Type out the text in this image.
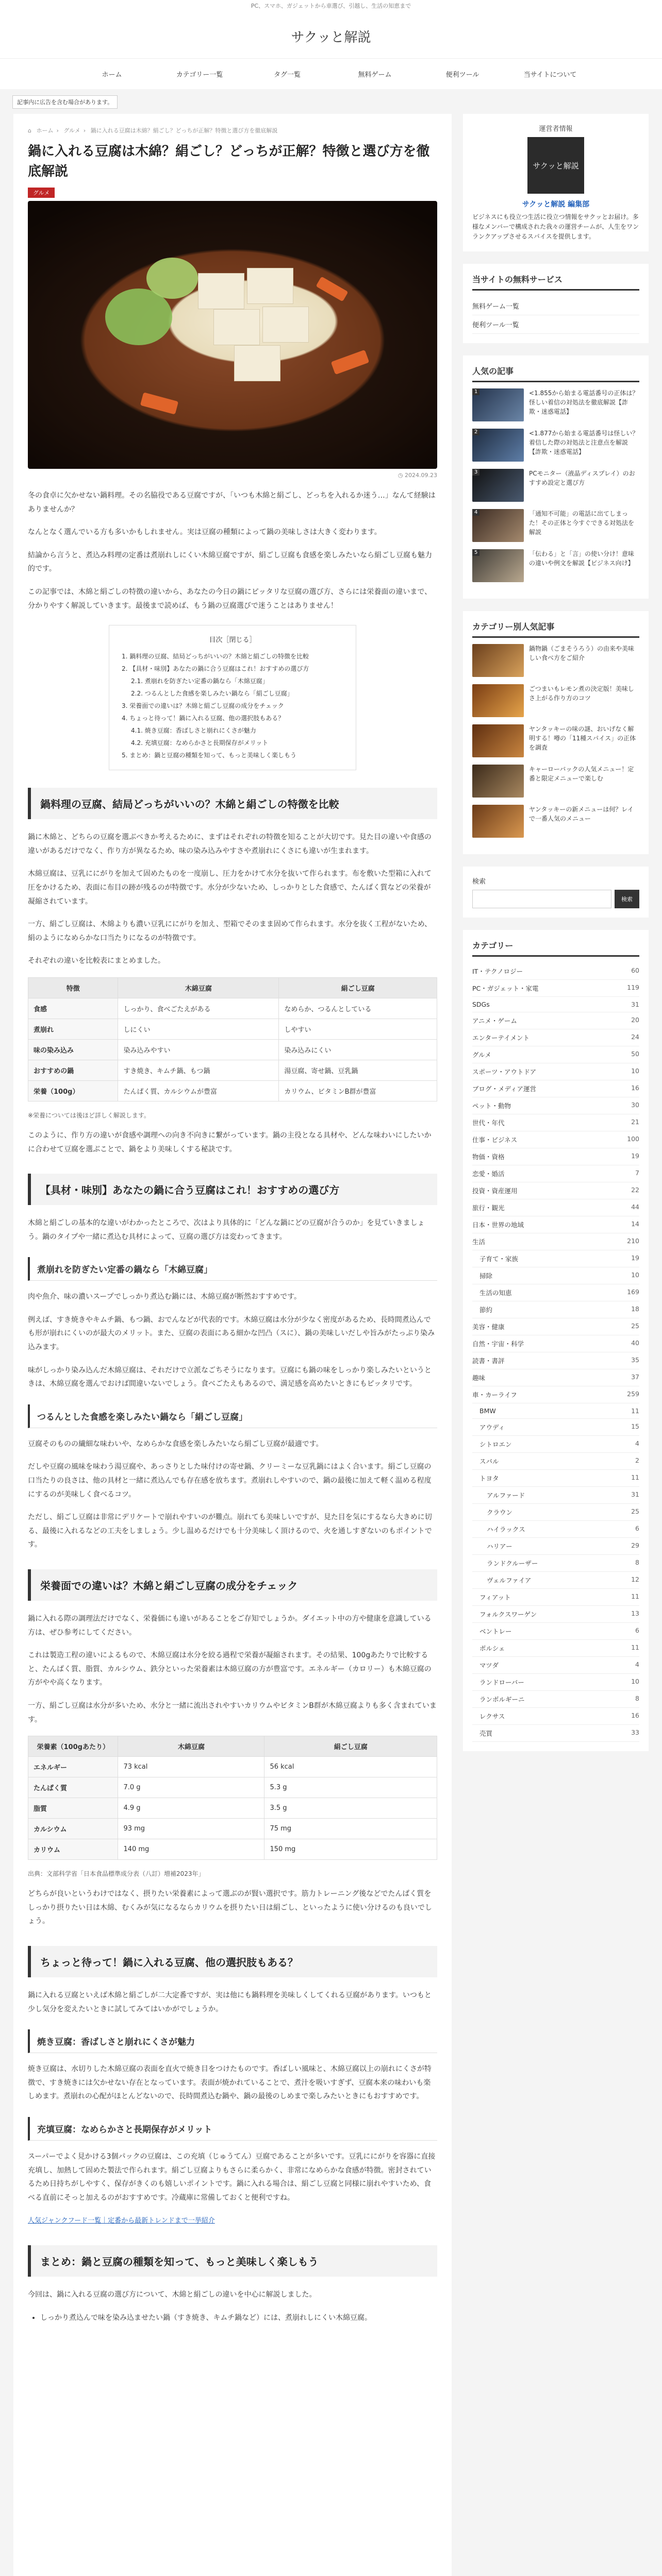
PC、スマホ、ガジェットから車選び、引越し、生活の知恵まで
サクッと解説
ホーム	カテゴリー一覧	タグ一覧	無料ゲーム	便利ツール	当サイトについて
記事内に広告を含む場合があります。
⌂ ホーム › グルメ › 鍋に入れる豆腐は木綿？絹ごし？どっちが正解？特徴と選び方を徹底解説
鍋に入れる豆腐は木綿？絹ごし？どっちが正解？特徴と選び方を徹底解説
グルメ
◷ 2024.09.23

冬の食卓に欠かせない鍋料理。その名脇役である豆腐ですが、「いつも木綿と絹ごし、どっちを入れるか迷う…」なんて経験はありませんか？

なんとなく選んでいる方も多いかもしれません。実は豆腐の種類によって鍋の美味しさは大きく変わります。

結論から言うと、煮込み料理の定番は煮崩れしにくい木綿豆腐ですが、絹ごし豆腐も食感を楽しみたいなら絹ごし豆腐も魅力的です。

この記事では、木綿と絹ごしの特徴の違いから、あなたの今日の鍋にピッタリな豆腐の選び方、さらには栄養面の違いまで、分かりやすく解説していきます。最後まで読めば、もう鍋の豆腐選びで迷うことはありません！

目次［閉じる］
1. 鍋料理の豆腐、結局どっちがいいの？木綿と絹ごしの特徴を比較
2. 【具材・味別】あなたの鍋に合う豆腐はこれ！おすすめの選び方
2.1. 煮崩れを防ぎたい定番の鍋なら「木綿豆腐」
2.2. つるんとした食感を楽しみたい鍋なら「絹ごし豆腐」
3. 栄養面での違いは？木綿と絹ごし豆腐の成分をチェック
4. ちょっと待って！鍋に入れる豆腐、他の選択肢もある？
4.1. 焼き豆腐：香ばしさと崩れにくさが魅力
4.2. 充填豆腐：なめらかさと長期保存がメリット
5. まとめ：鍋と豆腐の種類を知って、もっと美味しく楽しもう
鍋料理の豆腐、結局どっちがいいの？木綿と絹ごしの特徴を比較

鍋に木綿と、どちらの豆腐を選ぶべきか考えるために、まずはそれぞれの特徴を知ることが大切です。見た目の違いや食感の違いがあるだけでなく、作り方が異なるため、味の染み込みやすさや煮崩れにくさにも違いが生まれます。

木綿豆腐は、豆乳ににがりを加えて固めたものを一度崩し、圧力をかけて水分を抜いて作られます。布を敷いた型箱に入れて圧をかけるため、表面に布目の跡が残るのが特徴です。水分が少ないため、しっかりとした食感で、たんぱく質などの栄養が凝縮されています。

一方、絹ごし豆腐は、木綿よりも濃い豆乳ににがりを加え、型箱でそのまま固めて作られます。水分を抜く工程がないため、絹のようになめらかな口当たりになるのが特徴です。

それぞれの違いを比較表にまとめました。

特徴	木綿豆腐	絹ごし豆腐
食感	しっかり、食べごたえがある	なめらか、つるんとしている
煮崩れ	しにくい	しやすい
味の染み込み	染み込みやすい	染み込みにくい
おすすめの鍋	すき焼き、キムチ鍋、もつ鍋	湯豆腐、寄せ鍋、豆乳鍋
栄養（100g）	たんぱく質、カルシウムが豊富	カリウム、ビタミンB群が豊富
※栄養については後ほど詳しく解説します。

このように、作り方の違いが食感や調理への向き不向きに繋がっています。鍋の主役となる具材や、どんな味わいにしたいかに合わせて豆腐を選ぶことで、鍋をより美味しくする秘訣です。

【具材・味別】あなたの鍋に合う豆腐はこれ！おすすめの選び方

木綿と絹ごしの基本的な違いがわかったところで、次はより具体的に「どんな鍋にどの豆腐が合うのか」を見ていきましょう。鍋のタイプや一緒に煮込む具材によって、豆腐の選び方は変わってきます。

煮崩れを防ぎたい定番の鍋なら「木綿豆腐」

肉や魚介、味の濃いスープでしっかり煮込む鍋には、木綿豆腐が断然おすすめです。

例えば、すき焼きやキムチ鍋、もつ鍋、おでんなどが代表的です。木綿豆腐は水分が少なく密度があるため、長時間煮込んでも形が崩れにくいのが最大のメリット。また、豆腐の表面にある細かな凹凸（スに）、鍋の美味しいだしや旨みがたっぷり染み込みます。

味がしっかり染み込んだ木綿豆腐は、それだけで立派なごちそうになります。豆腐にも鍋の味をしっかり楽しみたいというときは、木綿豆腐を選んでおけば間違いないでしょう。食べごたえもあるので、満足感を高めたいときにもピッタリです。

つるんとした食感を楽しみたい鍋なら「絹ごし豆腐」

豆腐そのものの繊細な味わいや、なめらかな食感を楽しみたいなら絹ごし豆腐が最適です。

だしや豆腐の風味を味わう湯豆腐や、あっさりとした味付けの寄せ鍋、クリーミーな豆乳鍋にはよく合います。絹ごし豆腐の口当たりの良さは、他の具材と一緒に煮込んでも存在感を放ちます。煮崩れしやすいので、鍋の最後に加えて軽く温める程度にするのが美味しく食べるコツ。

ただし、絹ごし豆腐は非常にデリケートで崩れやすいのが難点。崩れても美味しいですが、見た目を気にするなら大きめに切る、最後に入れるなどの工夫をしましょう。少し温めるだけでも十分美味しく頂けるので、火を通しすぎないのもポイントです。

栄養面での違いは？木綿と絹ごし豆腐の成分をチェック

鍋に入れる際の調理法だけでなく、栄養価にも違いがあることをご存知でしょうか。ダイエット中の方や健康を意識している方は、ぜひ参考にしてください。

これは製造工程の違いによるもので、木綿豆腐は水分を絞る過程で栄養が凝縮されます。その結果、100gあたりで比較すると、たんぱく質、脂質、カルシウム、鉄分といった栄養素は木綿豆腐の方が豊富です。エネルギー（カロリー）も木綿豆腐の方がやや高くなります。

一方、絹ごし豆腐は水分が多いため、水分と一緒に流出されやすいカリウムやビタミンB群が木綿豆腐よりも多く含まれています。

栄養素（100gあたり）	木綿豆腐	絹ごし豆腐
エネルギー	73 kcal	56 kcal
たんぱく質	7.0 g	5.3 g
脂質	4.9 g	3.5 g
カルシウム	93 mg	75 mg
カリウム	140 mg	150 mg
出典：文部科学省「日本食品標準成分表（八訂）増補2023年」

どちらが良いというわけではなく、摂りたい栄養素によって選ぶのが賢い選択です。筋力トレーニング後などでたんぱく質をしっかり摂りたい日は木綿、むくみが気になるならカリウムを摂りたい日は絹ごし、といったように使い分けるのも良いでしょう。

ちょっと待って！鍋に入れる豆腐、他の選択肢もある？

鍋に入れる豆腐といえば木綿と絹ごしが二大定番ですが、実は他にも鍋料理を美味しくしてくれる豆腐があります。いつもと少し気分を変えたいときに試してみてはいかがでしょうか。

焼き豆腐：香ばしさと崩れにくさが魅力

焼き豆腐は、水切りした木綿豆腐の表面を直火で焼き目をつけたものです。香ばしい風味と、木綿豆腐以上の崩れにくさが特徴で、すき焼きには欠かせない存在となっています。表面が焼かれていることで、煮汁を吸いすぎず、豆腐本来の味わいも楽しめます。煮崩れの心配がほとんどないので、長時間煮込む鍋や、鍋の最後のしめまで楽しみたいときにもおすすめです。

充填豆腐：なめらかさと長期保存がメリット

スーパーでよく見かける3個パックの豆腐は、この充填（じゅうてん）豆腐であることが多いです。豆乳ににがりを容器に直接充填し、加熱して固めた製法で作られます。絹ごし豆腐よりもさらに柔らかく、非常になめらかな食感が特徴。密封されているため日持ちがしやすく、保存がきくのも嬉しいポイントです。鍋に入れる場合は、絹ごし豆腐と同様に崩れやすいため、食べる直前にそっと加えるのがおすすめです。冷蔵庫に常備しておくと便利ですね。

人気ジャンクフード一覧｜定番から最新トレンドまで一挙紹介

まとめ：鍋と豆腐の種類を知って、もっと美味しく楽しもう

今回は、鍋に入れる豆腐の選び方について、木綿と絹ごしの違いを中心に解説しました。

• しっかり煮込んで味を染み込ませたい鍋（すき焼き、キムチ鍋など）には、煮崩れしにくい木綿豆腐。
運営者情報
サクッと解説
サクッと解説 編集部
ビジネスにも役立つ生活に役立つ情報をサクッとお届け。多様なメンバーで構成された我々の運営チームが、人生をワンランクアップさせるスパイスを提供します。
当サイトの無料サービス
無料ゲーム一覧
便利ツール一覧
人気の記事
1	<1.855から始まる電話番号の正体は？怪しい着信の対処法を徹底解説【詐欺・迷惑電話】
2	<1.877から始まる電話番号は怪しい？着信した際の対処法と注意点を解説【詐欺・迷惑電話】
3	PCモニター（液晶ディスプレイ）のおすすめ設定と選び方
4	「通知不可能」の電話に出てしまった！その正体と今すぐできる対処法を解説
5	「伝わる」と「言」の使い分け！意味の違いや例文を解説【ビジネス向け】
カテゴリー別人気記事
鍋物鍋（ごまそうろう）の由来や美味しい食べ方をご紹介
ごつまいもレモン煮の決定版！美味しさ上がる作り方のコツ
ヤンタッキーの味の謎、おいげなく解明する！噂の「11種スパイス」の正体を調査
キャーローバックの人気メニュー！定番と限定メニューで楽しむ
ヤンタッキーの新メニューは何？レイで一番人気のメニュー
検索
検索
カテゴリー
IT・テクノロジー	60
PC・ガジェット・家電	119
SDGs	31
アニメ・ゲーム	20
エンターテイメント	24
グルメ	50
スポーツ・アウトドア	10
ブログ・メディア運営	16
ペット・動物	30
世代・年代	21
仕事・ビジネス	100
物価・資格	19
恋愛・婚活	7
投資・資産運用	22
旅行・観光	44
日本・世界の地域	14
生活	210
子育て・家族	19
掃除	10
生活の知恵	169
節約	18
美容・健康	25
自然・宇宙・科学	40
読書・書評	35
趣味	37
車・カーライフ	259
BMW	11
アウディ	15
シトロエン	4
スバル	2
トヨタ	11
アルファード	31
クラウン	25
ハイラックス	6
ハリアー	29
ランドクルーザー	8
ヴェルファイア	12
フィアット	11
フォルクスワーゲン	13
ベントレー	6
ポルシェ	11
マツダ	4
ランドローバー	10
ランボルギーニ	8
レクサス	16
売買	33
